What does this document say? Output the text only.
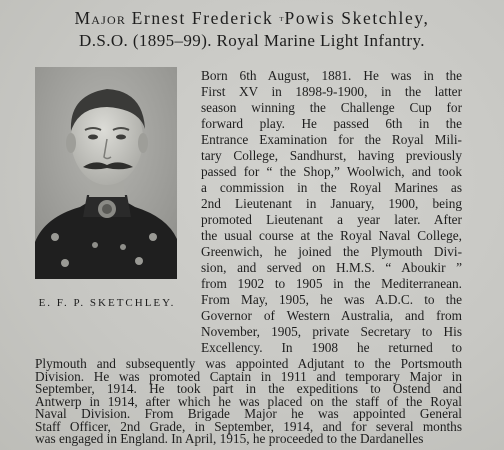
Major Ernest Frederick ᵀPowis Sketchley,
D.S.O. (1895–99). Royal Marine Light Infantry.
E. F. P. SKETCHLEY.
Born 6th August, 1881. He was in the
First XV in 1898-9-1900, in the latter
season winning the Challenge Cup for
forward play. He passed 6th in the
Entrance Examination for the Royal Mili-
tary College, Sandhurst, having previously
passed for “ the Shop,” Woolwich, and took
a commission in the Royal Marines as
2nd Lieutenant in January, 1900, being
promoted Lieutenant a year later. After
the usual course at the Royal Naval College,
Greenwich, he joined the Plymouth Divi-
sion, and served on H.M.S. “ Aboukir ”
from 1902 to 1905 in the Mediterranean.
From May, 1905, he was A.D.C. to the
Governor of Western Australia, and from
November, 1905, private Secretary to His
Excellency. In 1908 he returned to
Plymouth and subsequently was appointed Adjutant to the Portsmouth
Division. He was promoted Captain in 1911 and temporary Major in
September, 1914. He took part in the expeditions to Ostend and
Antwerp in 1914, after which he was placed on the staff of the Royal
Naval Division. From Brigade Major he was appointed General
Staff Officer, 2nd Grade, in September, 1914, and for several months
was engaged in England. In April, 1915, he proceeded to the Dardanelles
